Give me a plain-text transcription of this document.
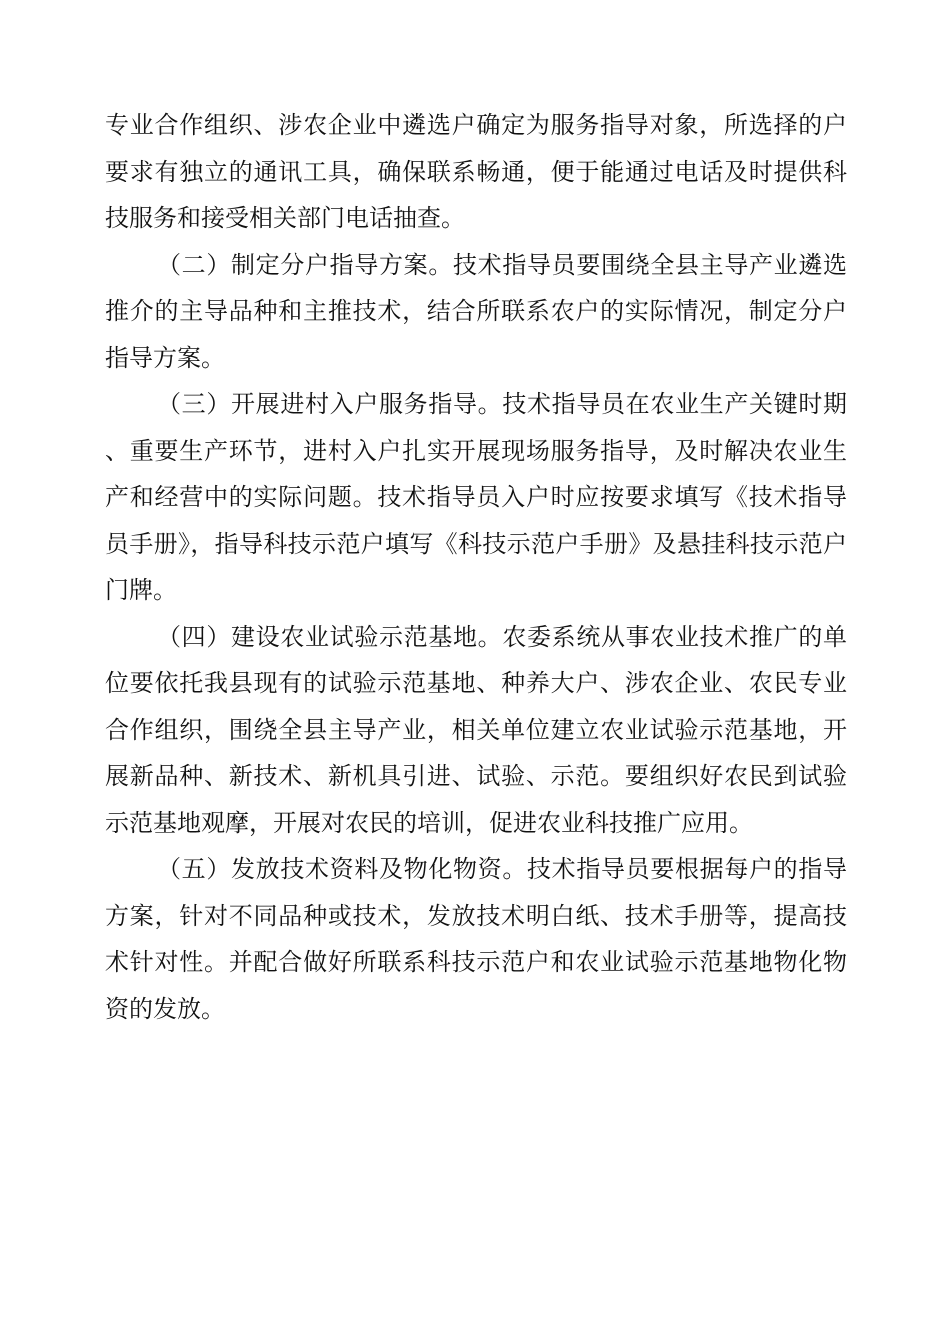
专业合作组织、涉农企业中遴选户确定为服务指导对象，所选择的户要求有独立的通讯工具，确保联系畅通，便于能通过电话及时提供科技服务和接受相关部门电话抽查。

（二）制定分户指导方案。技术指导员要围绕全县主导产业遴选推介的主导品种和主推技术，结合所联系农户的实际情况，制定分户指导方案。

（三）开展进村入户服务指导。技术指导员在农业生产关键时期、重要生产环节，进村入户扎实开展现场服务指导，及时解决农业生产和经营中的实际问题。技术指导员入户时应按要求填写《技术指导员手册》，指导科技示范户填写《科技示范户手册》及悬挂科技示范户门牌。

（四）建设农业试验示范基地。农委系统从事农业技术推广的单位要依托我县现有的试验示范基地、种养大户、涉农企业、农民专业合作组织，围绕全县主导产业，相关单位建立农业试验示范基地，开展新品种、新技术、新机具引进、试验、示范。要组织好农民到试验示范基地观摩，开展对农民的培训，促进农业科技推广应用。

（五）发放技术资料及物化物资。技术指导员要根据每户的指导方案，针对不同品种或技术，发放技术明白纸、技术手册等，提高技术针对性。并配合做好所联系科技示范户和农业试验示范基地物化物资的发放。
